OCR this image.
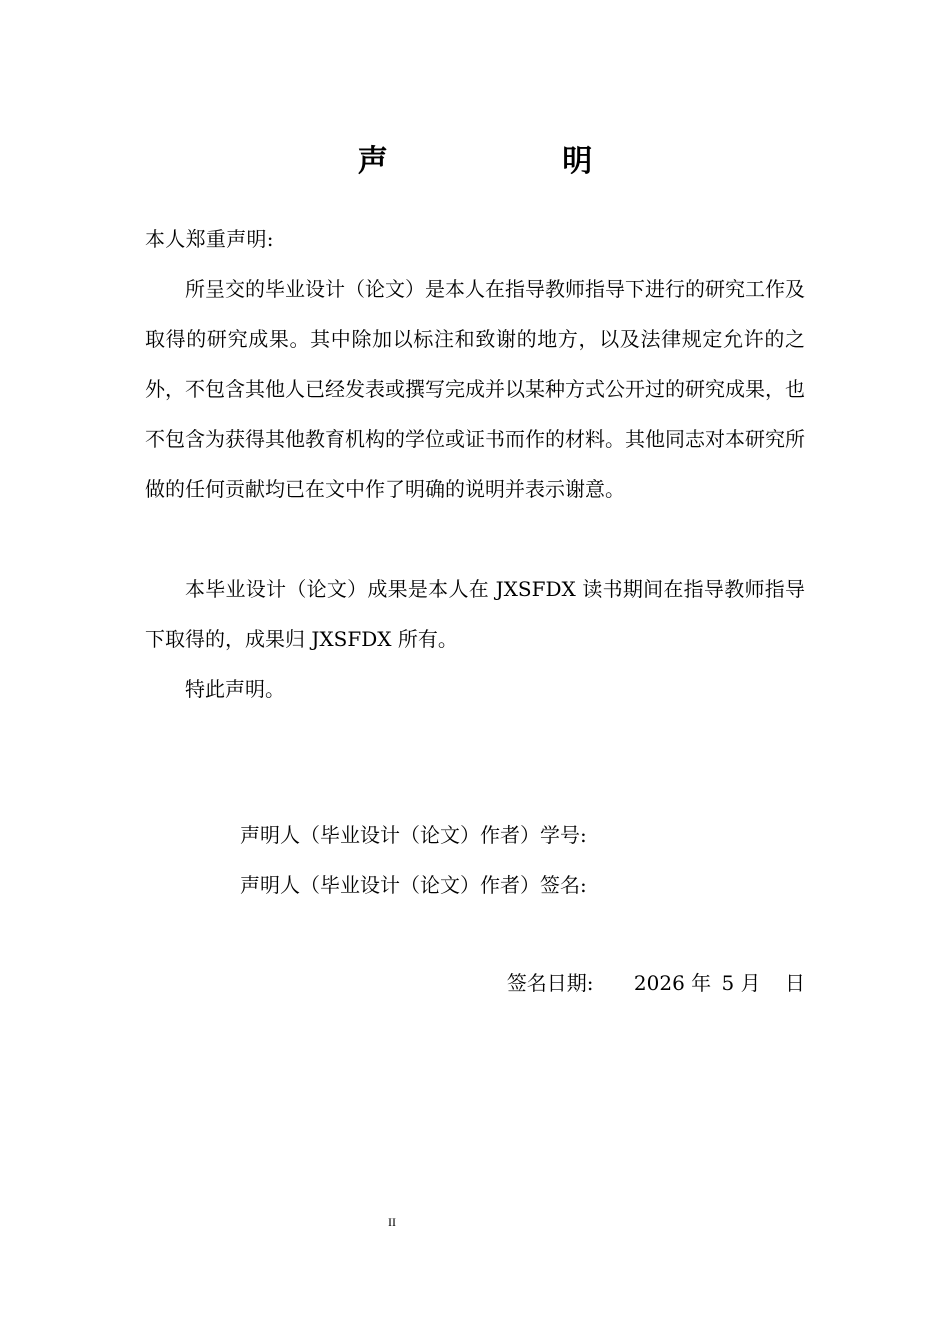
声 明
本人郑重声明:

所呈交的毕业设计（论文）是本人在指导教师指导下进行的研究工作及取得的研究成果。其中除加以标注和致谢的地方，以及法律规定允许的之外，不包含其他人已经发表或撰写完成并以某种方式公开过的研究成果，也不包含为获得其他教育机构的学位或证书而作的材料。其他同志对本研究所做的任何贡献均已在文中作了明确的说明并表示谢意。

本毕业设计（论文）成果是本人在 JXSFDX 读书期间在指导教师指导下取得的，成果归 JXSFDX 所有。

特此声明。

声明人（毕业设计（论文）作者）学号:
声明人（毕业设计（论文）作者）签名:
签名日期: 2026 年 5 月 日
II
